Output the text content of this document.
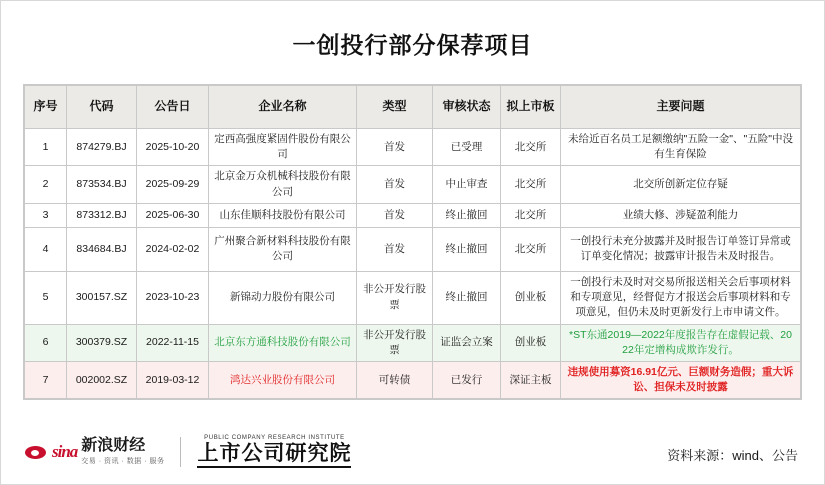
一创投行部分保荐项目
序号	代码	公告日	企业名称	类型	审核状态	拟上市板	主要问题
1	874279.BJ	2025-10-20	定西高强度紧固件股份有限公司	首发	已受理	北交所	未给近百名员工足额缴纳"五险一金"、"五险"中没有生育保险
2	873534.BJ	2025-09-29	北京金万众机械科技股份有限公司	首发	中止审查	北交所	北交所创新定位存疑
3	873312.BJ	2025-06-30	山东佳顺科技股份有限公司	首发	终止撤回	北交所	业绩大修、涉疑盈利能力
4	834684.BJ	2024-02-02	广州聚合新材料科技股份有限公司	首发	终止撤回	北交所	一创投行未充分披露并及时报告订单签订异常或订单变化情况；披露审计报告未及时报告。
5	300157.SZ	2023-10-23	新锦动力股份有限公司	非公开发行股票	终止撤回	创业板	一创投行未及时对交易所报送相关会后事项材料和专项意见，经督促方才报送会后事项材料和专项意见，但仍未及时更新发行上市申请文件。
6	300379.SZ	2022-11-15	北京东方通科技股份有限公司	非公开发行股票	证监会立案	创业板	*ST东通2019—2022年度报告存在虚假记载、2022年定增构成欺诈发行。
7	002002.SZ	2019-03-12	鸿达兴业股份有限公司	可转债	已发行	深证主板	违规使用募资16.91亿元、巨额财务造假；重大诉讼、担保未及时披露
sina 新浪财经
交易 · 资讯 · 数据 · 服务
PUBLIC COMPANY RESEARCH INSTITUTE
上市公司研究院	资料来源：wind、公告
